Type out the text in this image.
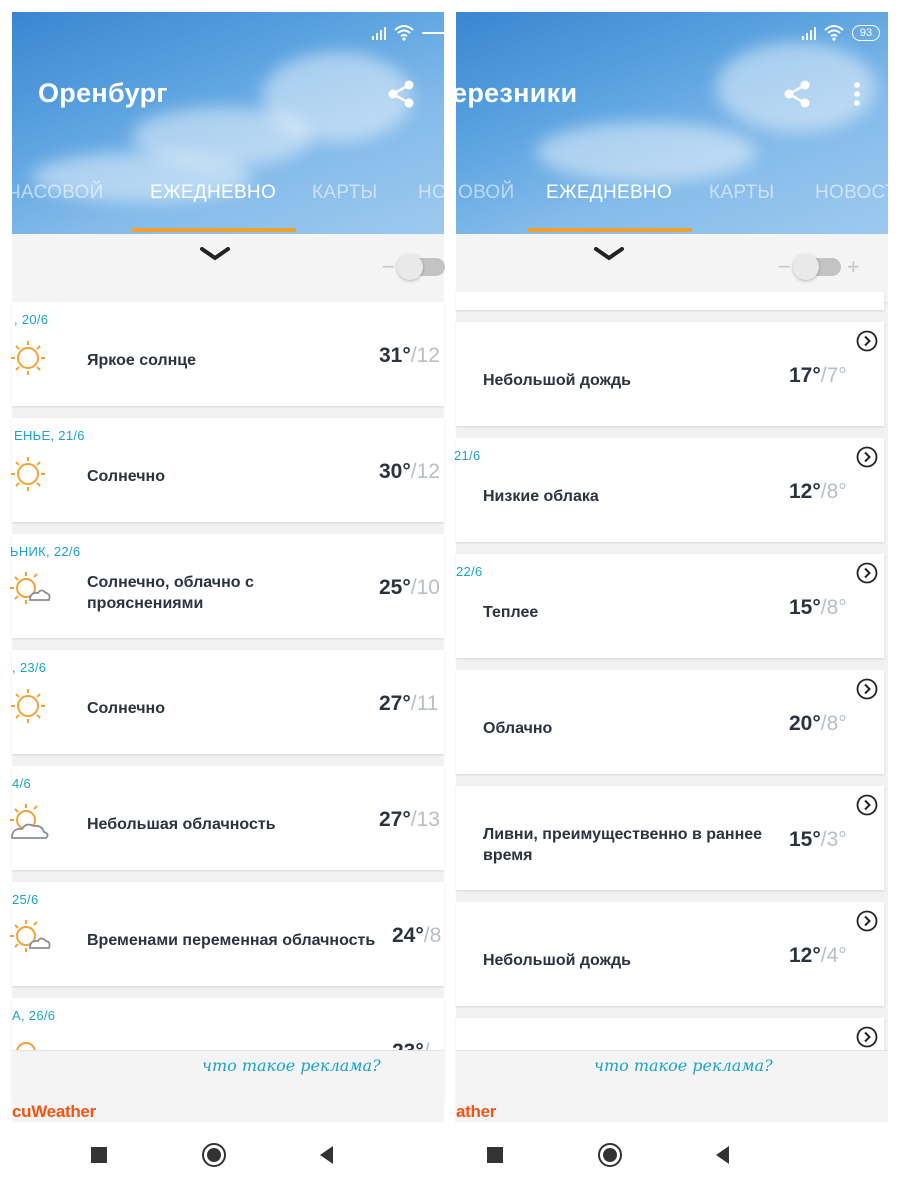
Оренбург
ЧАСОВОЙ ЕЖЕДНЕВНО КАРТЫ НО
−
, 20/6
Яркое солнце	31°/12
ЕНЬЕ, 21/6
Солнечно	30°/12
ЬНИК, 22/6
Солнечно, облачно с прояснениями
25°/10
, 23/6
Солнечно	27°/11
4/6
Небольшая облачность	27°/13
25/6
Временами переменная облачность 24°/8
А, 26/6
что такое реклама?
cuWeather
93
ерезники
ОВОЙ ЕЖЕДНЕВНО КАРТЫ НОВОСТ
−	+
Небольшой дождь	17°/7°
21/6
Низкие облака	12°/8°
22/6
Теплее	15°/8°
Облачно	20°/8°
Ливни, преимущественно в раннее время
15°/3°
Небольшой дождь	12°/4°
что такое реклама?
ather
